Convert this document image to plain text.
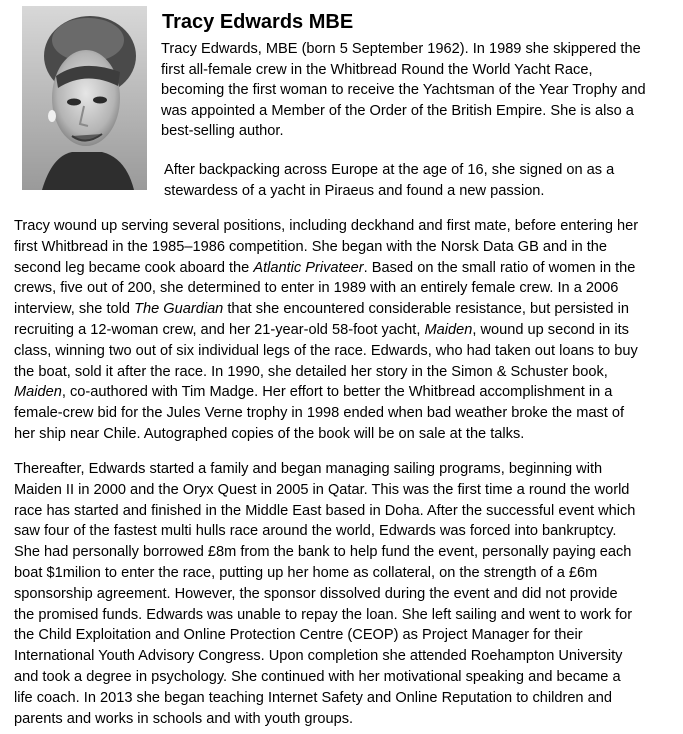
Tracy Edwards MBE
Tracy Edwards, MBE (born 5 September 1962). In 1989 she skippered the
first all-female crew in the Whitbread Round the World Yacht Race,
becoming the first woman to receive the Yachtsman of the Year Trophy and
was appointed a Member of the Order of the British Empire. She is also a
best-selling author.
After backpacking across Europe at the age of 16, she signed on as a
stewardess of a yacht in Piraeus and found a new passion.
Tracy wound up serving several positions, including deckhand and first mate, before entering her
first Whitbread in the 1985–1986 competition. She began with the Norsk Data GB and in the
second leg became cook aboard the Atlantic Privateer. Based on the small ratio of women in the
crews, five out of 200, she determined to enter in 1989 with an entirely female crew. In a 2006
interview, she told The Guardian that she encountered considerable resistance, but persisted in
recruiting a 12-woman crew, and her 21-year-old 58-foot yacht, Maiden, wound up second in its
class, winning two out of six individual legs of the race. Edwards, who had taken out loans to buy
the boat, sold it after the race. In 1990, she detailed her story in the Simon & Schuster book,
Maiden, co-authored with Tim Madge. Her effort to better the Whitbread accomplishment in a
female-crew bid for the Jules Verne trophy in 1998 ended when bad weather broke the mast of
her ship near Chile. Autographed copies of the book will be on sale at the talks.
Thereafter, Edwards started a family and began managing sailing programs, beginning with
Maiden II in 2000 and the Oryx Quest in 2005 in Qatar. This was the first time a round the world
race has started and finished in the Middle East based in Doha. After the successful event which
saw four of the fastest multi hulls race around the world, Edwards was forced into bankruptcy.
She had personally borrowed £8m from the bank to help fund the event, personally paying each
boat $1milion to enter the race, putting up her home as collateral, on the strength of a £6m
sponsorship agreement. However, the sponsor dissolved during the event and did not provide
the promised funds. Edwards was unable to repay the loan. She left sailing and went to work for
the Child Exploitation and Online Protection Centre (CEOP) as Project Manager for their
International Youth Advisory Congress. Upon completion she attended Roehampton University
and took a degree in psychology. She continued with her motivational speaking and became a
life coach. In 2013 she began teaching Internet Safety and Online Reputation to children and
parents and works in schools and with youth groups.
